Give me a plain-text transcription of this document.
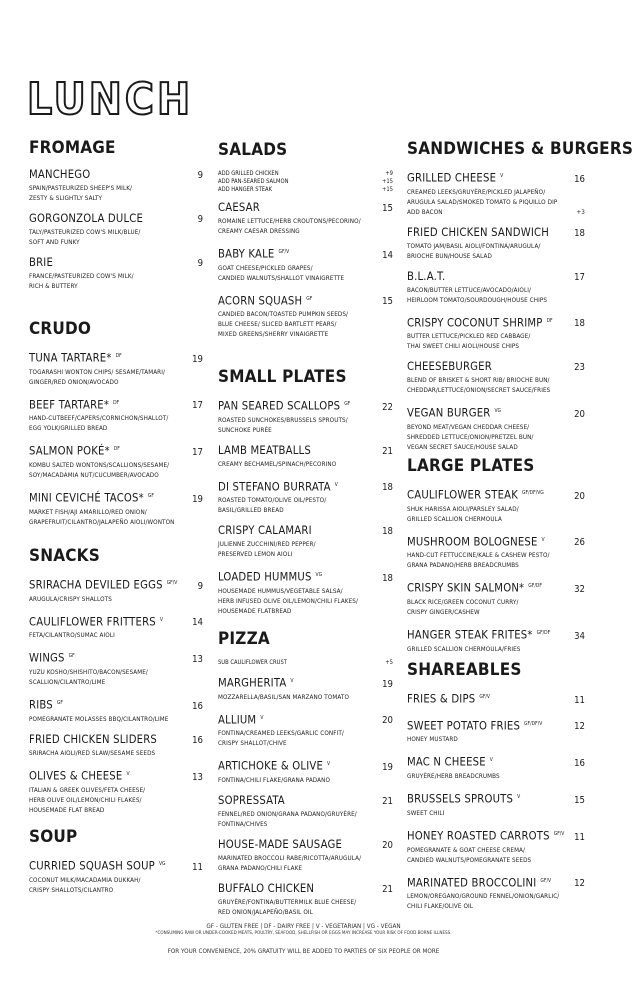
LUNCH
FROMAGE
MANCHEGO	9
SPAIN/PASTEURIZED SHEEP'S MILK/
ZESTY & SLIGHTLY SALTY
GORGONZOLA DULCE	9
TALY/PASTEURIZED COW'S MILK/BLUE/
SOFT AND FUNKY
BRIE	9
FRANCE/PASTEURIZED COW'S MILK/
RICH & BUTTERY
CRUDO
TUNA TARTARE* $^{DF}$	19
TOGARASHI WONTON CHIPS/ SESAME/TAMARI/
GINGER/RED ONION/AVOCADO
BEEF TARTARE* $^{DF}$	17
HAND-CUTBEEF/CAPERS/CORNICHON/SHALLOT/
EGG YOLK/GRILLED BREAD
SALMON POKÉ* $^{DF}$	17
KOMBU SALTED WONTONS/SCALLIONS/SESAME/
SOY/MACADAMIA NUT/CUCUMBER/AVOCADO
MINI CEVICHÉ TACOS* $^{GF}$	19
MARKET FISH/AJI AMARILLO/RED ONION/
GRAPEFRUIT/CILANTRO/JALAPEÑO AIOLI/WONTON
SNACKS
SRIRACHA DEVILED EGGS $^{GF/V}$ 9
ARUGULA/CRISPY SHALLOTS
CAULIFLOWER FRITTERS $^V$	14
FETA/CILANTRO/SUMAC AIOLI
WINGS $^{GF}$	13
YUZU KOSHO/SHISHITO/BACON/SESAME/
SCALLION/CILANTRO/LIME
RIBS $^{GF}$	16
POMEGRANATE MOLASSES BBQ/CILANTRO/LIME
FRIED CHICKEN SLIDERS	16
SRIRACHA AIOLI/RED SLAW/SESAME SEEDS
OLIVES & CHEESE $^V$	13
ITALIAN & GREEK OLIVES/FETA CHEESE/
HERB OLIVE OIL/LEMON/CHILI FLAKES/
HOUSEMADE FLAT BREAD
SOUP
CURRIED SQUASH SOUP $^{VG}$	11
COCONUT MILK/MACADAMIA DUKKAH/
CRISPY SHALLOTS/CILANTRO
SALADS
ADD GRILLED CHICKEN	+9
ADD PAN-SEARED SALMON	+15
ADD HANGER STEAK	+15
CAESAR	15
ROMAINE LETTUCE/HERB CROUTONS/PECORINO/
CREAMY CAESAR DRESSING
BABY KALE $^{GF/V}$	14
GOAT CHEESE/PICKLED GRAPES/
CANDIED WALNUTS/SHALLOT VINAIGRETTE
ACORN SQUASH $^{GF}$	15
CANDIED BACON/TOASTED PUMPKIN SEEDS/
BLUE CHEESE/ SLICED BARTLETT PEARS/
MIXED GREENS/SHERRY VINAIGRETTE
SMALL PLATES
PAN SEARED SCALLOPS $^{GF}$	22
ROASTED SUNCHOKES/BRUSSELS SPROUTS/
SUNCHOKE PURÉE
LAMB MEATBALLS	21
CREAMY BECHAMEL/SPINACH/PECORINO
DI STEFANO BURRATA $^V$	18
ROASTED TOMATO/OLIVE OIL/PESTO/
BASIL/GRILLED BREAD
CRISPY CALAMARI	18
JULIENNE ZUCCHINI/RED PEPPER/
PRESERVED LEMON AIOLI
LOADED HUMMUS $^{VG}$	18
HOUSEMADE HUMMUS/VEGETABLE SALSA/
HERB INFUSED OLIVE OIL/LEMON/CHILI FLAKES/
HOUSEMADE FLATBREAD
PIZZA
SUB CAULIFLOWER CRUST	+5
MARGHERITA $^V$	19
MOZZARELLA/BASIL/SAN MARZANO TOMATO
ALLIUM $^V$	20
FONTINA/CREAMED LEEKS/GARLIC CONFIT/
CRISPY SHALLOT/CHIVE
ARTICHOKE & OLIVE $^V$	19
FONTINA/CHILI FLAKE/GRANA PADANO
SOPRESSATA	21
FENNEL/RED ONION/GRANA PADANO/GRUYÈRE/
FONTINA/CHIVES
HOUSE-MADE SAUSAGE	20
MARINATED BROCCOLI RABE/RICOTTA/ARUGULA/
GRANA PADANO/CHILI FLAKE
BUFFALO CHICKEN	21
GRUYÈRE/FONTINA/BUTTERMILK BLUE CHEESE/
RED ONION/JALAPEÑO/BASIL OIL
SANDWICHES & BURGERS
GRILLED CHEESE $^V$	16
CREAMED LEEKS/GRUYÈRE/PICKLED JALAPEÑO/
ARUGULA SALAD/SMOKED TOMATO & PIQUILLO DIP
ADD BACON	+3
FRIED CHICKEN SANDWICH	18
TOMATO JAM/BASIL AIOLI/FONTINA/ARUGULA/
BRIOCHE BUN/HOUSE SALAD
B.L.A.T.	17
BACON/BUTTER LETTUCE/AVOCADO/AIOLI/
HEIRLOOM TOMATO/SOURDOUGH/HOUSE CHIPS
CRISPY COCONUT SHRIMP $^{DF}$ 18
BUTTER LETTUCE/PICKLED RED CABBAGE/
THAI SWEET CHILI AIOLI/HOUSE CHIPS
CHEESEBURGER	23
BLEND OF BRISKET & SHORT RIB/ BRIOCHE BUN/
CHEDDAR/LETTUCE/ONION/SECRET SAUCE/FRIES
VEGAN BURGER $^{VG}$	20
BEYOND MEAT/VEGAN CHEDDAR CHEESE/
SHREDDED LETTUCE/ONION/PRETZEL BUN/
VEGAN SECRET SAUCE/HOUSE SALAD
LARGE PLATES
CAULIFLOWER STEAK $^{GF/DF/VG}$	20
SHUK HARISSA AIOLI/PARSLEY SALAD/
GRILLED SCALLION CHERMOULA
MUSHROOM BOLOGNESE $^V$	26
HAND-CUT FETTUCCINE/KALE & CASHEW PESTO/
GRANA PADANO/HERB BREADCRUMBS
CRISPY SKIN SALMON* $^{GF/DF}$	32
BLACK RICE/GREEN COCONUT CURRY/
CRISPY GINGER/CASHEW
HANGER STEAK FRITES* $^{GF/DF}$	34
GRILLED SCALLION CHERMOULA/FRIES
SHAREABLES
FRIES & DIPS $^{GF/V}$	11
SWEET POTATO FRIES $^{GF/DF/V}$	12
HONEY MUSTARD
MAC N CHEESE $^V$	16
GRUYÈRE/HERB BREADCRUMBS
BRUSSELS SPROUTS $^V$	15
SWEET CHILI
HONEY ROASTED CARROTS $^{GF/V}$ 11
POMEGRANATE & GOAT CHEESE CREMA/
CANDIED WALNUTS/POMEGRANATE SEEDS
MARINATED BROCCOLINI $^{GF/V}$ 12
LEMON/OREGANO/GROUND FENNEL/ONION/GARLIC/
CHILI FLAKE/OLIVE OIL
GF - GLUTEN FREE | DF - DAIRY FREE | V - VEGETARIAN | VG - VEGAN
*CONSUMING RAW OR UNDER-COOKED MEATS, POULTRY, SEAFOOD, SHELLFISH OR EGGS MAY INCREASE YOUR RISK OF FOOD BORNE ILLNESS.
FOR YOUR CONVENIENCE, 20% GRATUITY WILL BE ADDED TO PARTIES OF SIX PEOPLE OR MORE
